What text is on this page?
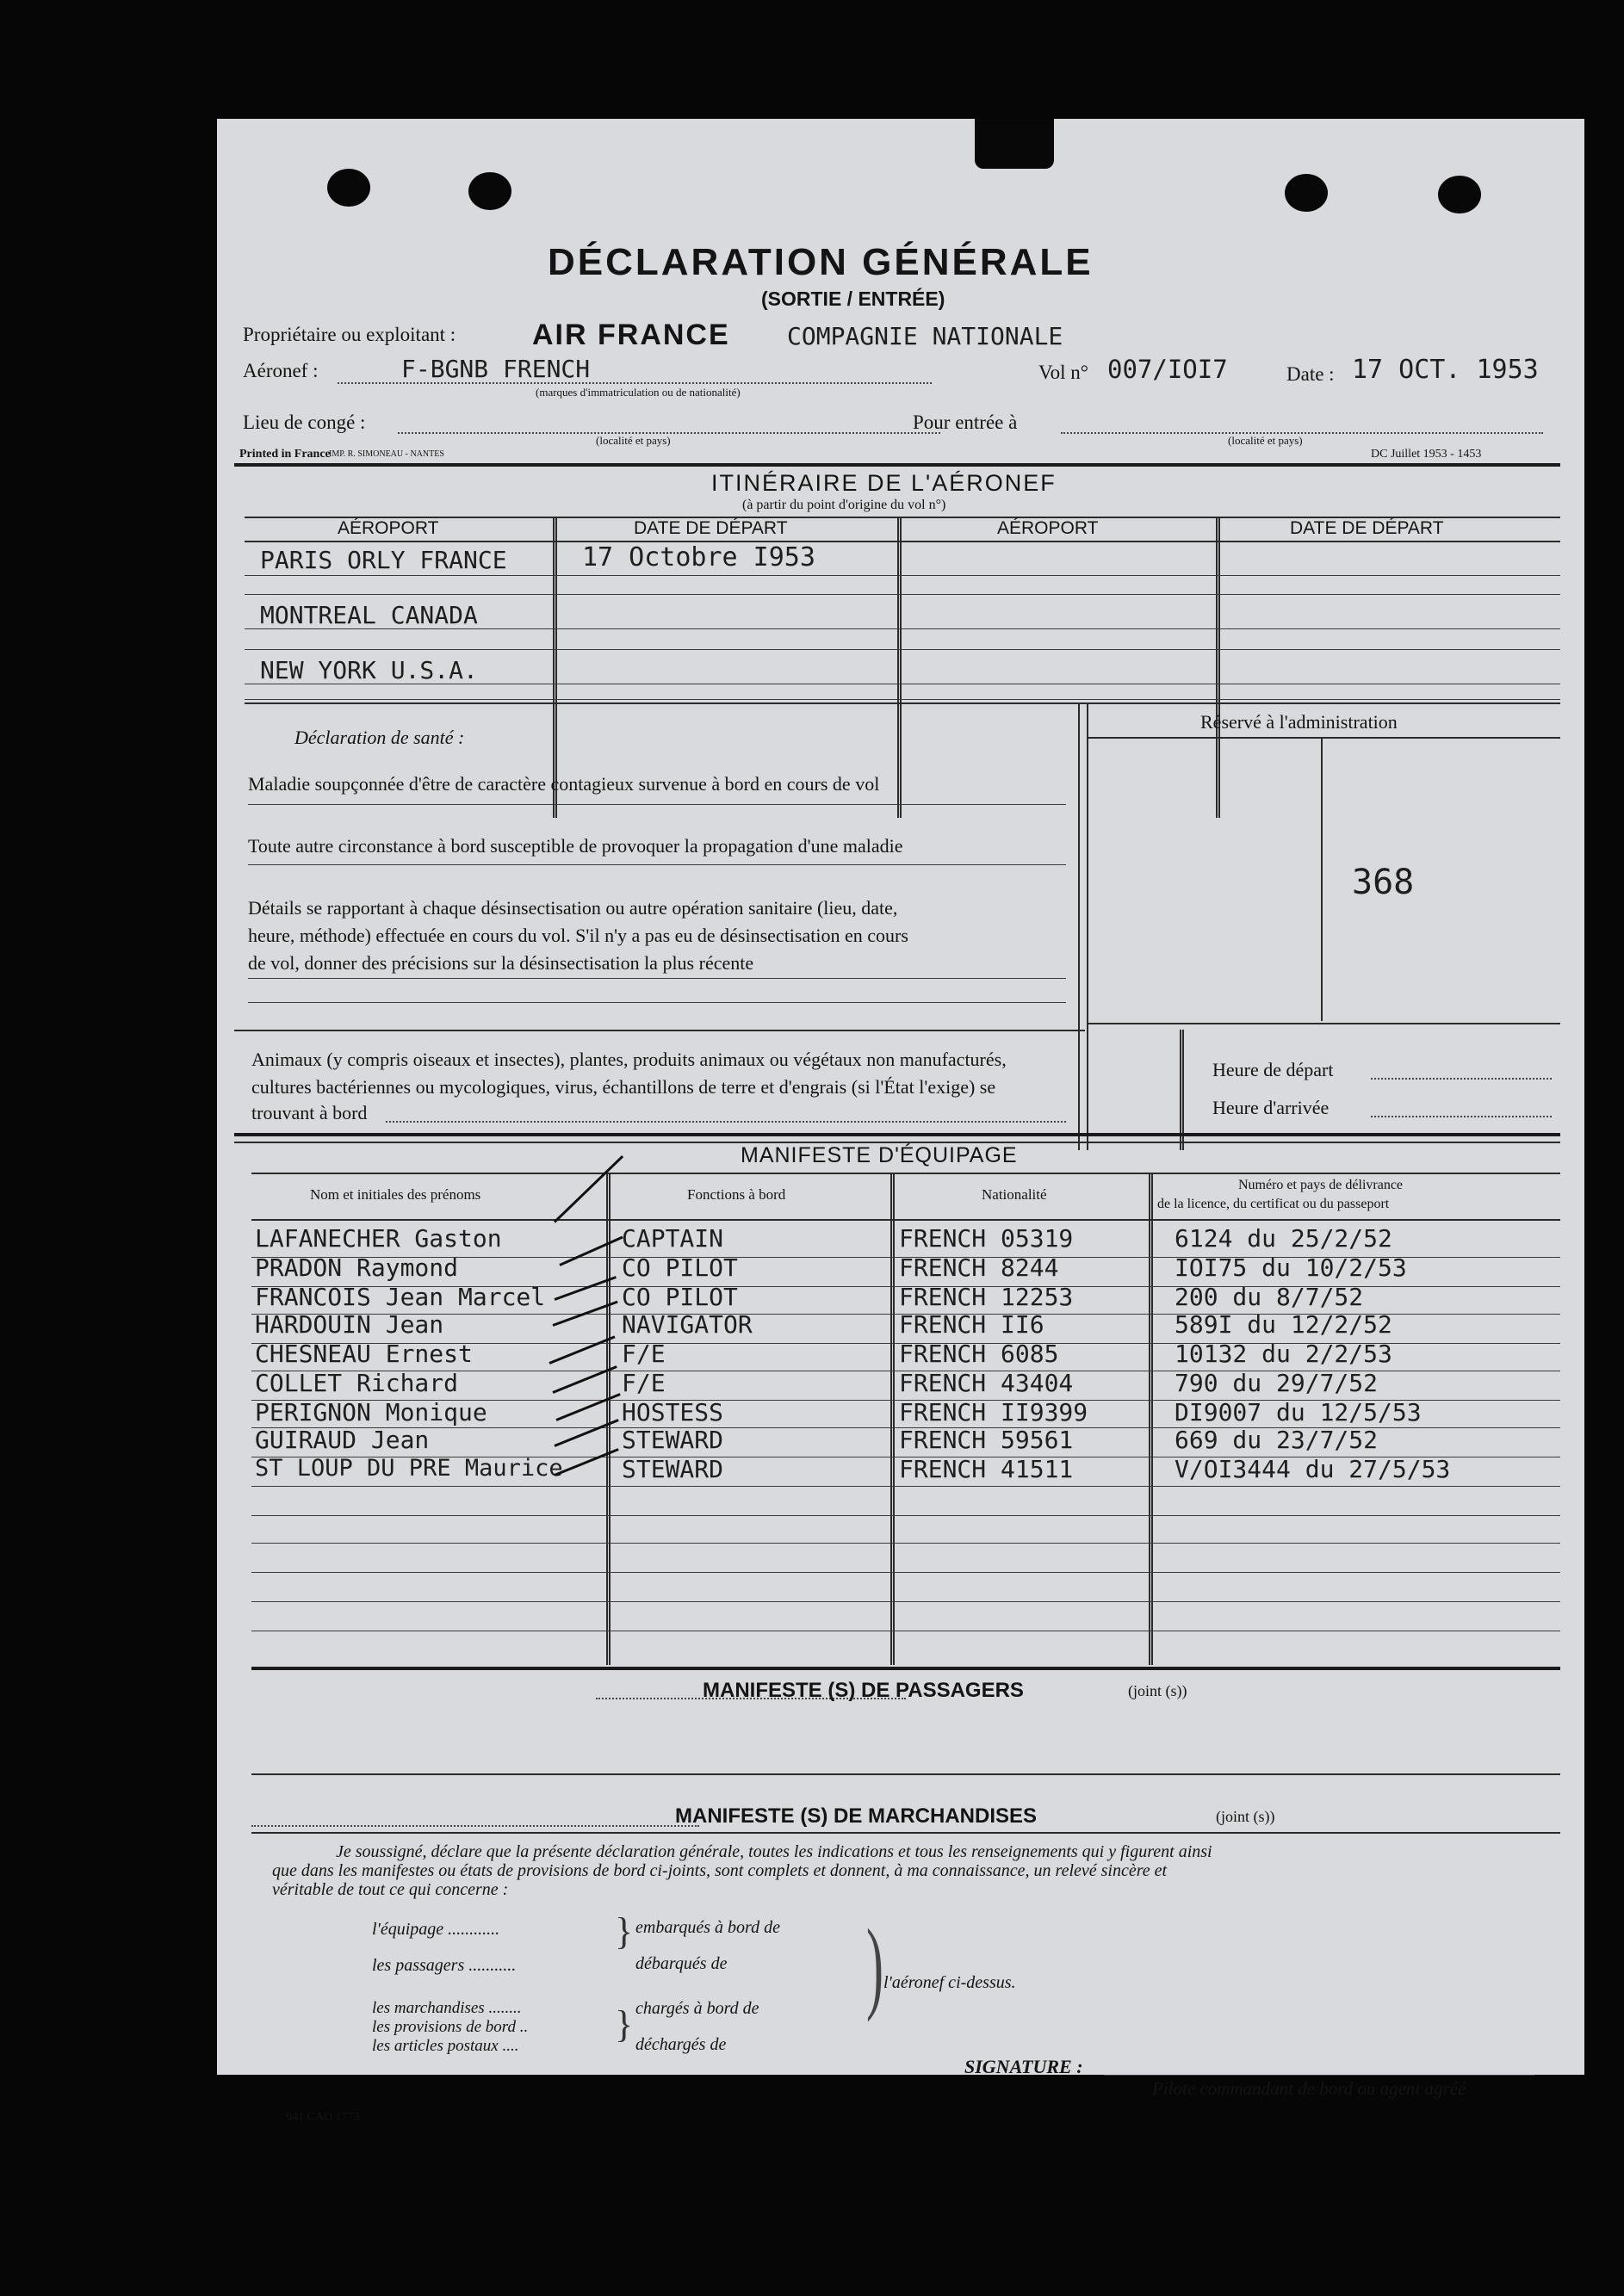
DÉCLARATION GÉNÉRALE
(SORTIE / ENTRÉE)
Propriétaire ou exploitant :	AIR FRANCE COMPAGNIE NATIONALE
Aéronef :	F-BGNB FRENCH
(marques d'immatriculation ou de nationalité)
Vol n° 007/IOI7	Date : 17 OCT. 1953
Lieu de congé :
(localité et pays)
Pour entrée à
(localité et pays)
Printed in France
IMP. R. SIMONEAU - NANTES	DC Juillet 1953 - 1453
ITINÉRAIRE DE L'AÉRONEF
(à partir du point d'origine du vol n°)
AÉROPORT	DATE DE DÉPART	AÉROPORT	DATE DE DÉPART
PARIS ORLY FRANCE	17 Octobre I953
MONTREAL CANADA
NEW YORK U.S.A.
Déclaration de santé :
Maladie soupçonnée d'être de caractère contagieux survenue à bord en cours de vol
Toute autre circonstance à bord susceptible de provoquer la propagation d'une maladie
Détails se rapportant à chaque désinsectisation ou autre opération sanitaire (lieu, date,
heure, méthode) effectuée en cours du vol. S'il n'y a pas eu de désinsectisation en cours
de vol, donner des précisions sur la désinsectisation la plus récente
Réservé à l'administration
368
Animaux (y compris oiseaux et insectes), plantes, produits animaux ou végétaux non manufacturés,
cultures bactériennes ou mycologiques, virus, échantillons de terre et d'engrais (si l'État l'exige) se
trouvant à bord
Heure de départ
Heure d'arrivée
MANIFESTE D'ÉQUIPAGE
Nom et initiales des prénoms	Fonctions à bord	Nationalité
Numéro et pays de délivrance
de la licence, du certificat ou du passeport
LAFANECHER Gaston	CAPTAIN	FRENCH 05319	6124 du 25/2/52
PRADON Raymond	CO PILOT	FRENCH 8244	IOI75 du 10/2/53
FRANCOIS Jean Marcel	CO PILOT	FRENCH 12253	200 du 8/7/52
HARDOUIN Jean	NAVIGATOR	FRENCH II6	589I du 12/2/52
CHESNEAU Ernest	F/E	FRENCH 6085	10132 du 2/2/53
COLLET Richard	F/E	FRENCH 43404	790 du 29/7/52
PERIGNON Monique	HOSTESS	FRENCH II9399	DI9007 du 12/5/53
GUIRAUD Jean	STEWARD	FRENCH 59561	669 du 23/7/52
ST LOUP DU PRE Maurice STEWARD	FRENCH 41511	V/OI3444 du 27/5/53
MANIFESTE (S) DE PASSAGERS	(joint (s))
MANIFESTE (S) DE MARCHANDISES	(joint (s))
Je soussigné, déclare que la présente déclaration générale, toutes les indications et tous les renseignements qui y figurent ainsi
que dans les manifestes ou états de provisions de bord ci-joints, sont complets et donnent, à ma connaissance, un relevé sincère et
véritable de tout ce qui concerne :
l'équipage ............
les passagers ...........
les marchandises ........
les provisions de bord ..
les articles postaux ....
}
}
embarqués à bord de
débarqués de
chargés à bord de
déchargés de
) l'aéronef ci-dessus.
SIGNATURE :
Pilote commandant de bord ou agent agréé
941 CAO 1773
